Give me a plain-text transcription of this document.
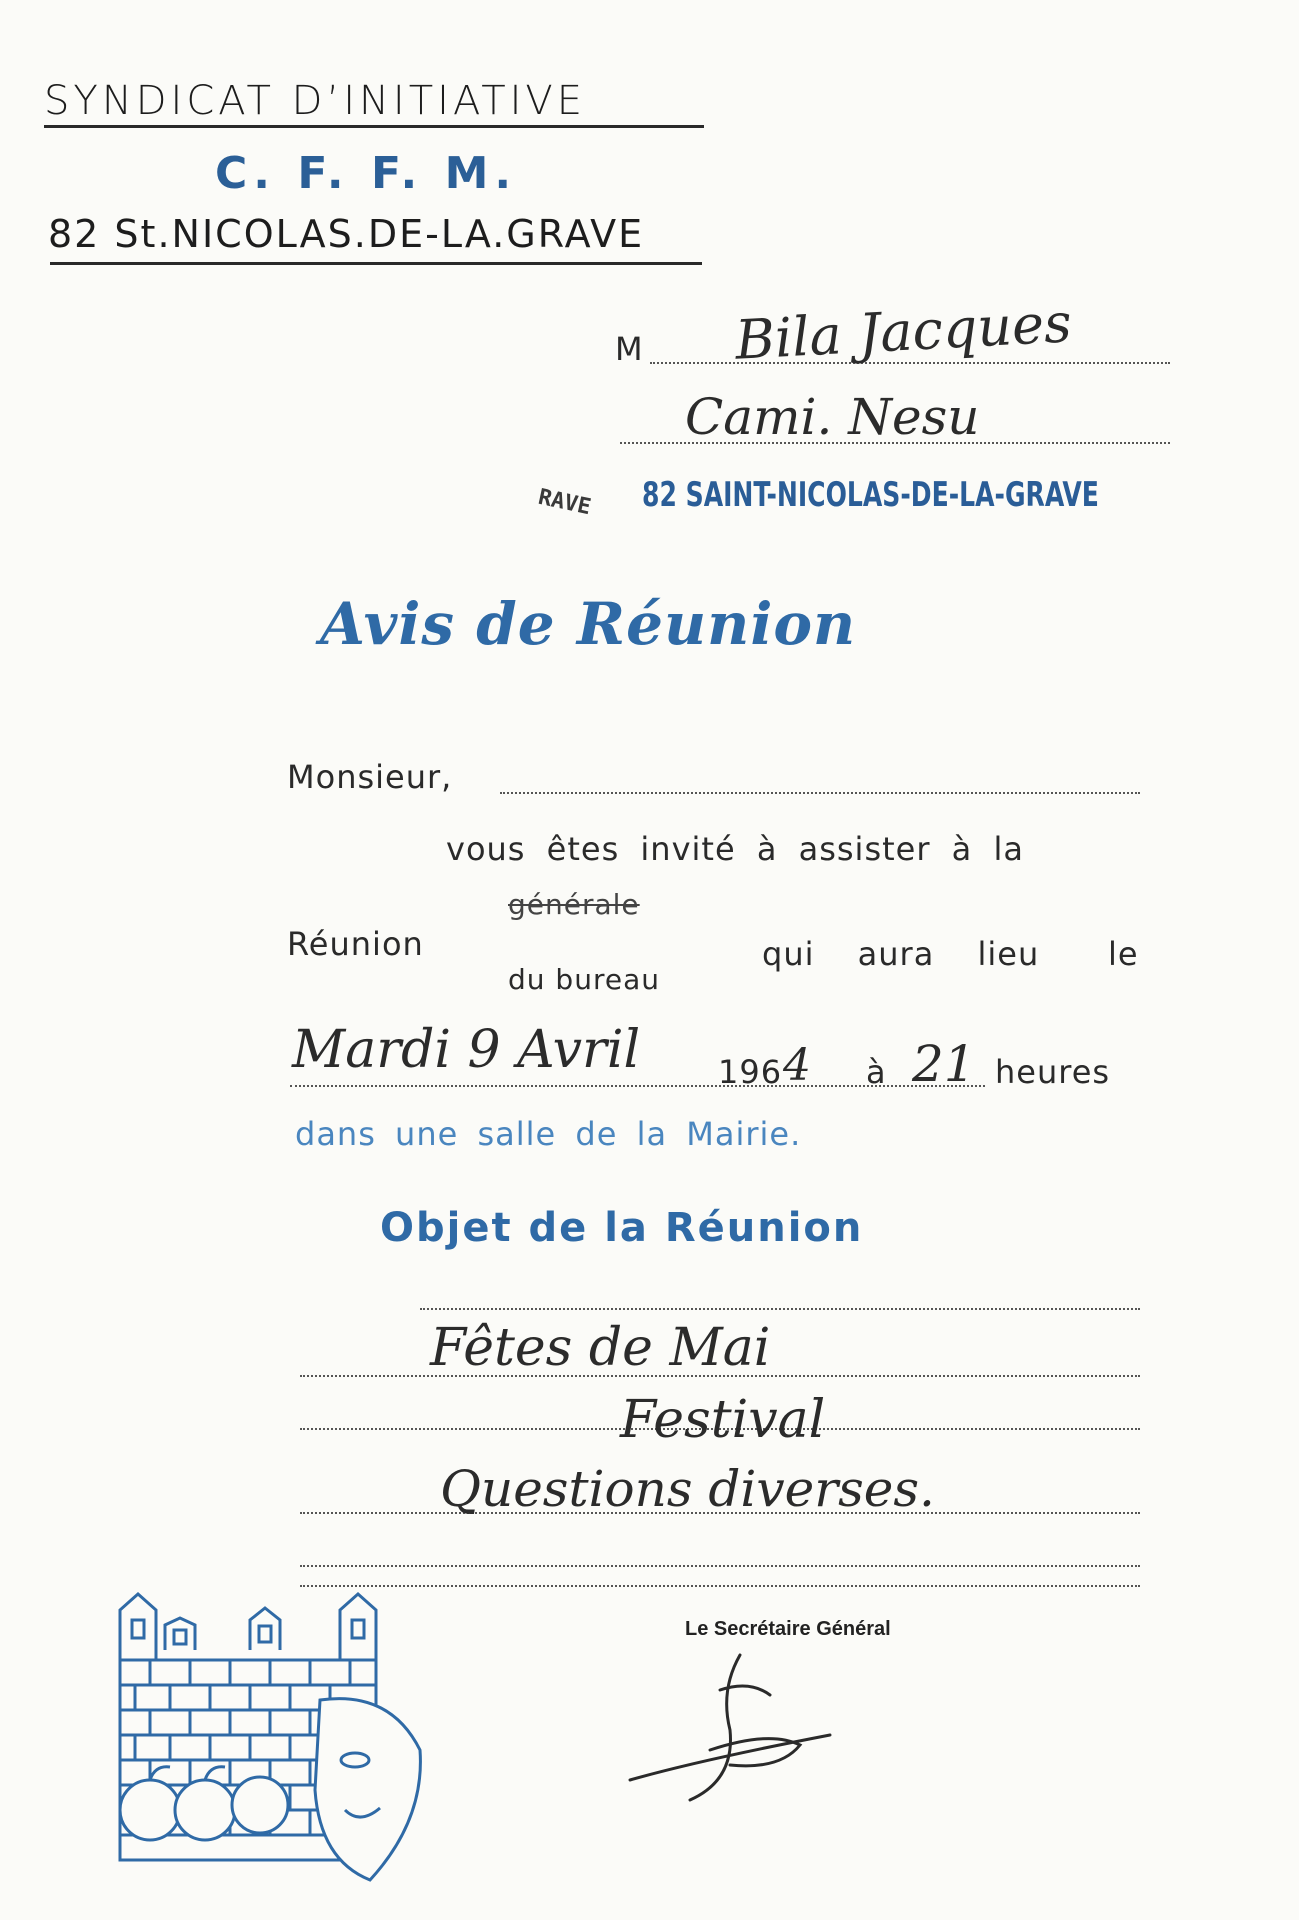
SYNDICAT D’INITIATIVE
C. F. F. M.
82 St.NICOLAS.DE-LA.GRAVE
M Bila Jacques
Cami. Nesu
RAVE 82 SAINT-NICOLAS-DE-LA-GRAVE
Avis de Réunion
Monsieur,
vous êtes invité à assister à la
générale
Réunion
du bureau
qui aura lieu le
Mardi 9 Avril 196 4 à 21 heures
dans une salle de la Mairie.
Objet de la Réunion
Fêtes de Mai
Festival
Questions diverses.
Le Secrétaire Général
